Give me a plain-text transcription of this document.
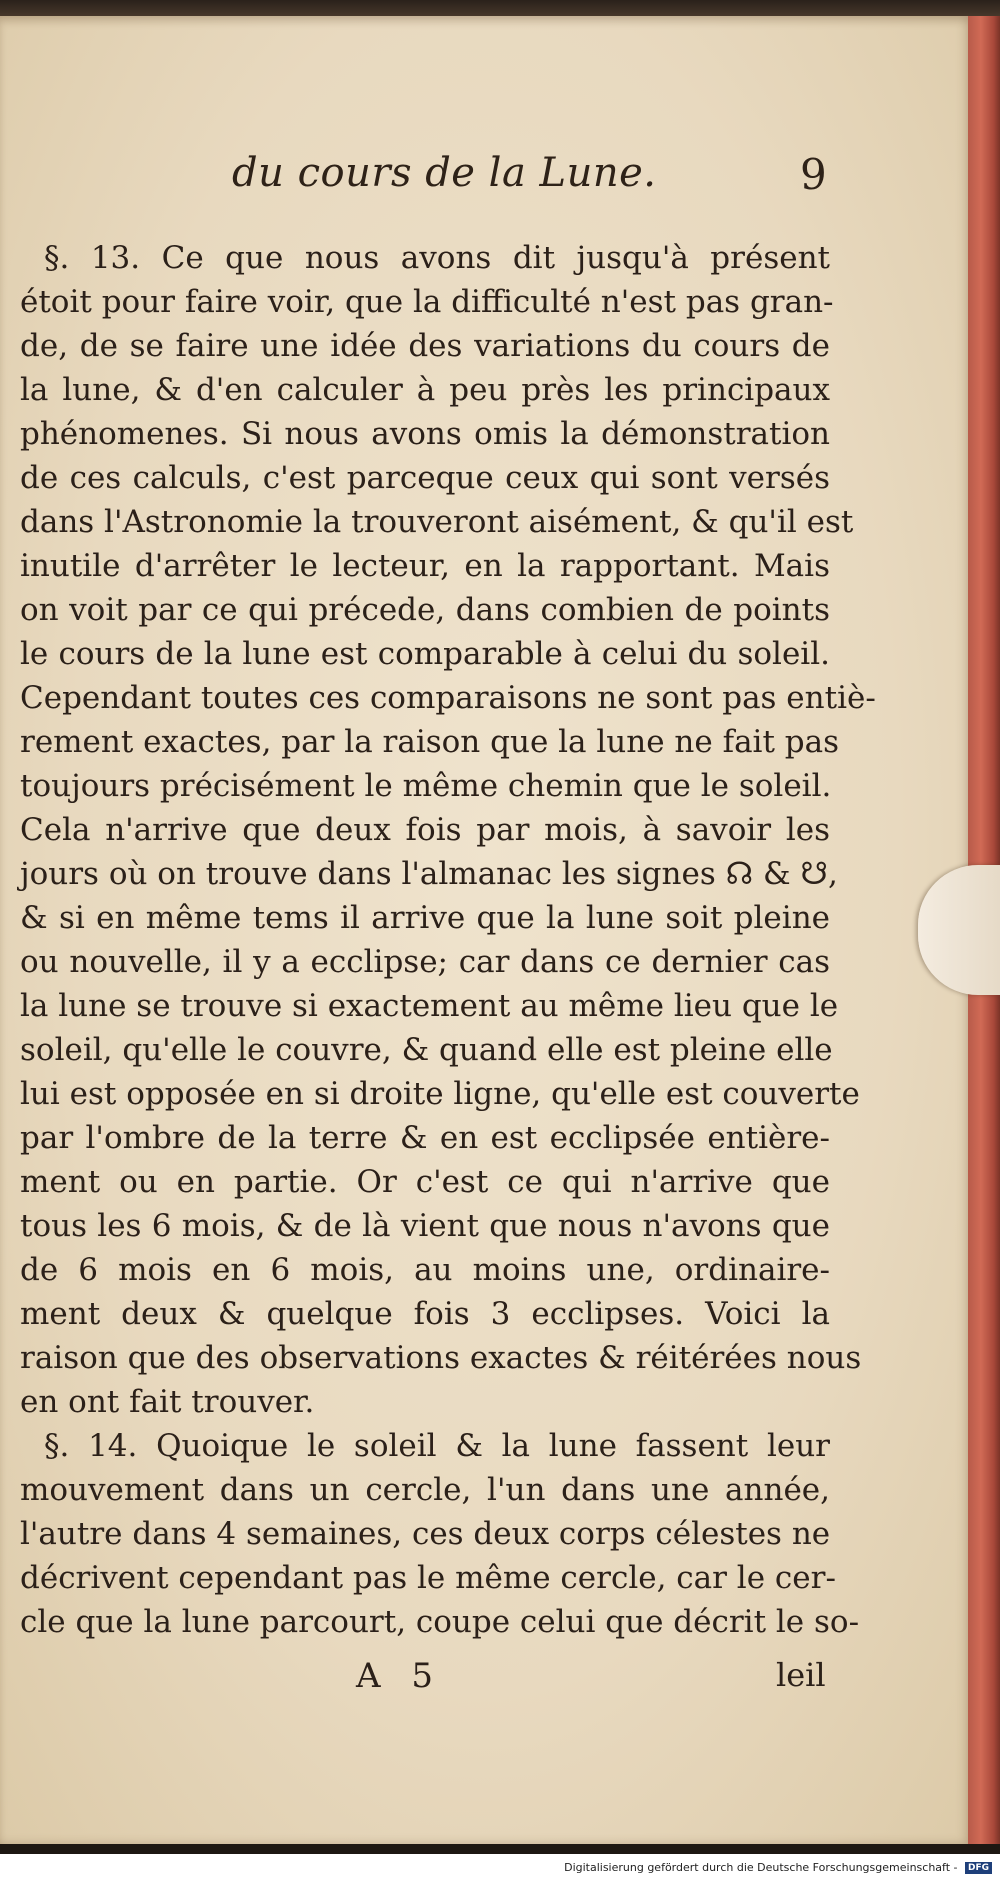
du cours de la Lune.	9
§. 13. Ce que nous avons dit jusqu'à présent
étoit pour faire voir, que la difficulté n'est pas gran-
de, de se faire une idée des variations du cours de
la lune, & d'en calculer à peu près les principaux
phénomenes. Si nous avons omis la démonstration
de ces calculs, c'est parceque ceux qui sont versés
dans l'Astronomie la trouveront aisément, & qu'il est
inutile d'arrêter le lecteur, en la rapportant. Mais
on voit par ce qui précede, dans combien de points
le cours de la lune est comparable à celui du soleil.
Cependant toutes ces comparaisons ne sont pas entiè-
rement exactes, par la raison que la lune ne fait pas
toujours précisément le même chemin que le soleil.
Cela n'arrive que deux fois par mois, à savoir les
jours où on trouve dans l'almanac les signes ☊ & ☋,
& si en même tems il arrive que la lune soit pleine
ou nouvelle, il y a ecclipse; car dans ce dernier cas
la lune se trouve si exactement au même lieu que le
soleil, qu'elle le couvre, & quand elle est pleine elle
lui est opposée en si droite ligne, qu'elle est couverte
par l'ombre de la terre & en est ecclipsée entière-
ment ou en partie. Or c'est ce qui n'arrive que
tous les 6 mois, & de là vient que nous n'avons que
de 6 mois en 6 mois, au moins une, ordinaire-
ment deux & quelque fois 3 ecclipses. Voici la
raison que des observations exactes & réitérées nous
en ont fait trouver.
§. 14. Quoique le soleil & la lune fassent leur
mouvement dans un cercle, l'un dans une année,
l'autre dans 4 semaines, ces deux corps célestes ne
décrivent cependant pas le même cercle, car le cer-
cle que la lune parcourt, coupe celui que décrit le so-
A 5	leil
Digitalisierung gefördert durch die Deutsche Forschungsgemeinschaft - DFG
